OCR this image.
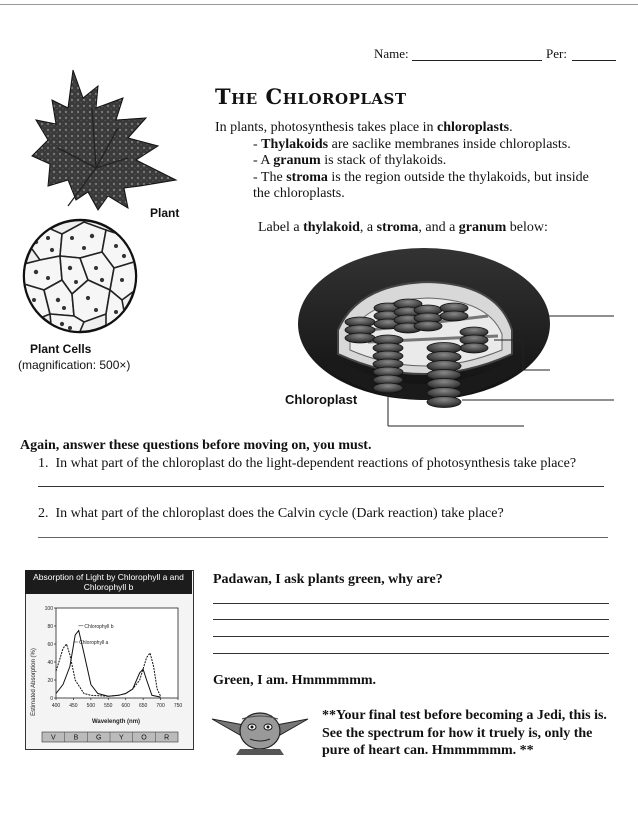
Name:	Per:
The Chloroplast
In plants, photosynthesis takes place in chloroplasts.
- Thylakoids are saclike membranes inside chloroplasts.
- A granum is stack of thylakoids.
- The stroma is the region outside the thylakoids, but inside
the chloroplasts.
Plant
Plant Cells
(magnification: 500×)
Label a thylakoid, a stroma, and a granum below:
Chloroplast
Again, answer these questions before moving on, you must.
1. In what part of the chloroplast do the light-dependent reactions of photosynthesis take place?
2. In what part of the chloroplast does the Calvin cycle (Dark reaction) take place?
Absorption of Light by Chlorophyll a and Chlorophyll b
Estimated Absorption (%)
Wavelength (nm)
0
20
40
60
80
100
400 450 500 550 600 650 700 750
Chlorophyll b
Chlorophyll a
V	B	G	Y	O R
Padawan, I ask plants green, why are?
Green, I am. Hmmmmmm.
**Your final test before becoming a Jedi, this is. See the spectrum for how it truely is, only the pure of heart can. Hmmmmmm. **
